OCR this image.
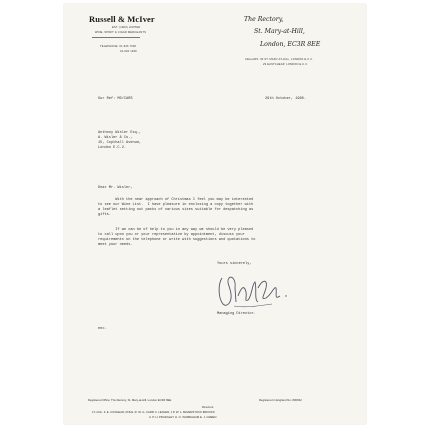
Russell & McIver
EST. (1900) LIMITED
WINE, SPIRIT & CIGAR MERCHANTS
TELEPHONE: 01-626 7000
01-626 1939
The Rectory,
St. Mary-at-Hill,
London, EC3R 8EE
CELLARS: 30 ST. MARY-AT-HILL, LONDON E.C.3.
29 EASTCHEAP, LONDON E.C.3.
Our Ref: MD/CARS	29th October, 1980.
Anthony Wisler Esq.,
A. Wisler & Co.,
15, Copthall Avenue,
London E.C.2.
Dear Mr. Wisler,
With the near approach of Christmas I feel you may be interested
to see our Wine List.  I have pleasure in enclosing a copy together with
a leaflet setting out packs of various sizes suitable for despatching as
gifts.
If we can be of help to you in any way we should be very pleased
to call upon you or your representative by appointment, discuss your
requirements on the telephone or write with suggestions and quotations to
meet your needs.
Yours sincerely,
Managing Director.
enc.
Registered Office: The Rectory, St. Mary-at-Hill, London EC3R 8EE	Registered in England No. 806032
Directors:
LT.-COL. F. E. COXHEAD, M.B.E. R. W. G. CARR C. LEAVER, J.P. W. L. BAVERSTOCK BROOKS
A. P. H. PRADGLEY H. O. WILBRAHAM E. J. GREEN
